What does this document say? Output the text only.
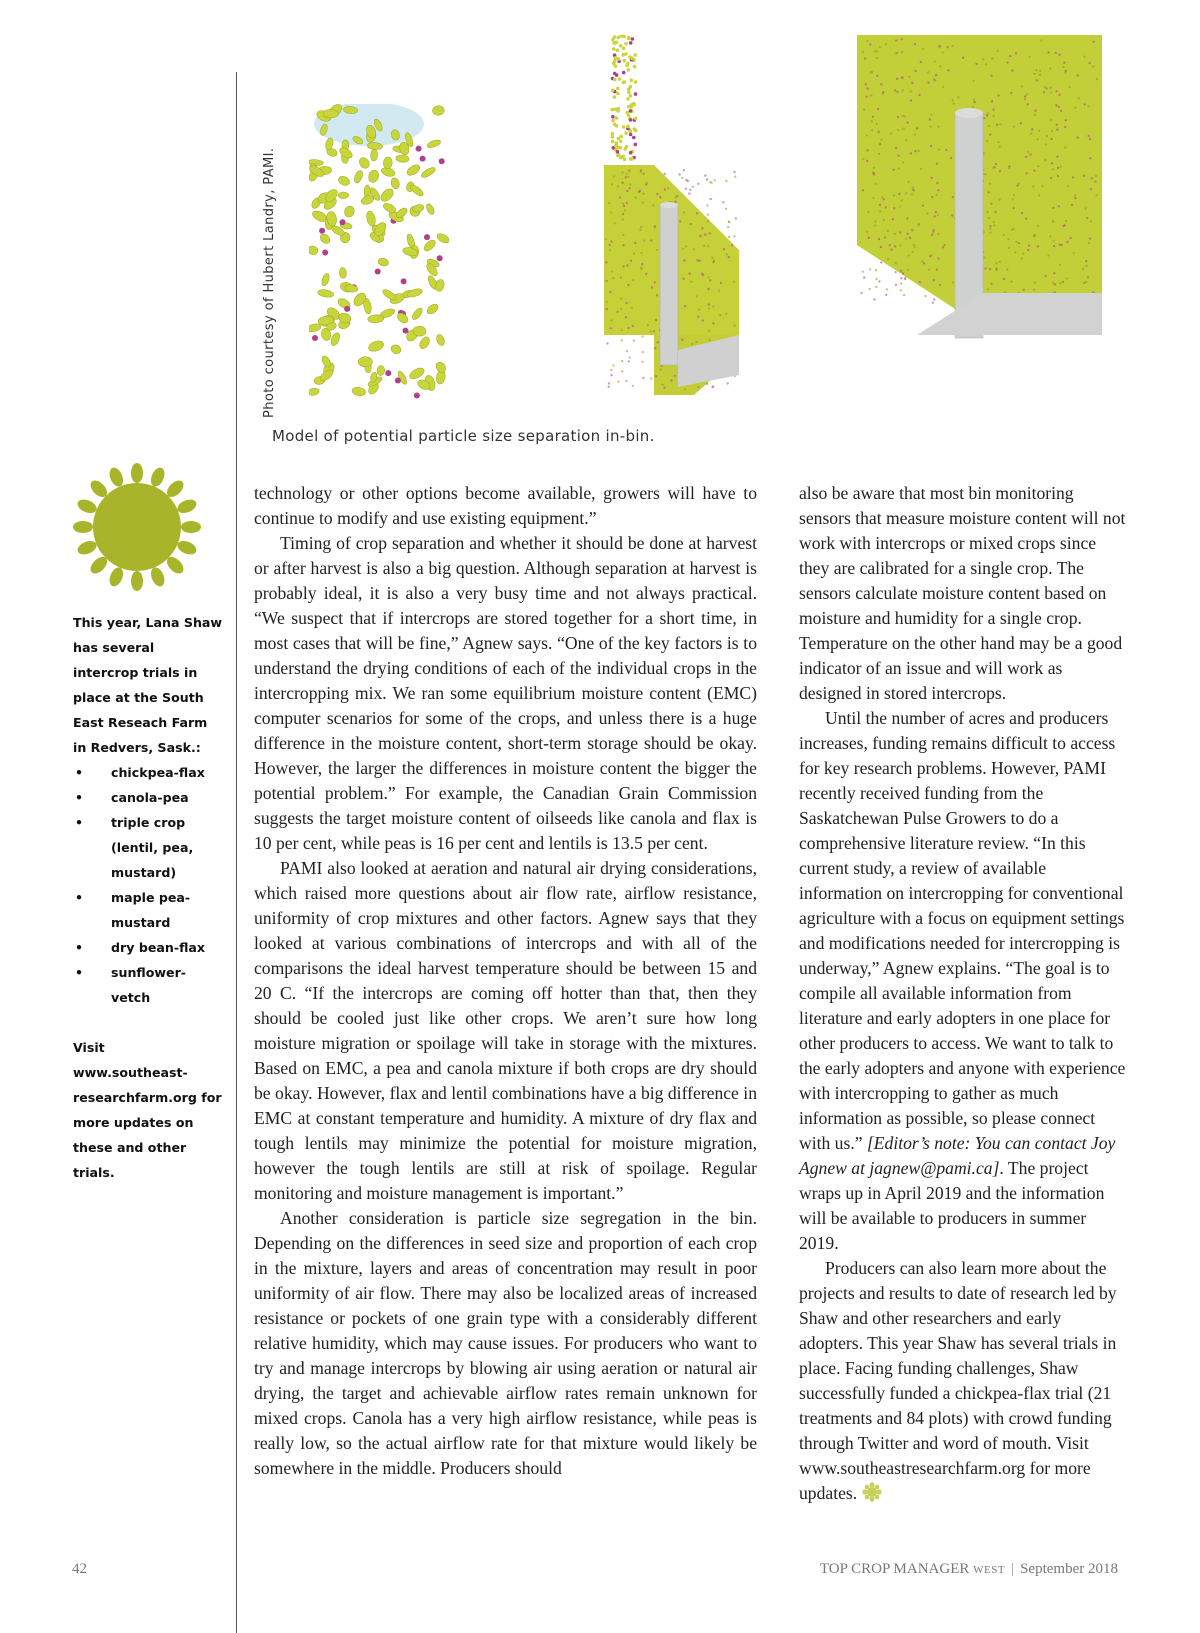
Photo courtesy of Hubert Landry, PAMI.
Model of potential particle size separation in-bin.

This year, Lana Shaw has several intercrop trials in place at the South East Reseach Farm in Redvers, Sask.:

• chickpea-flax
• canola-pea
• triple crop (lentil, pea, mustard)
• maple pea-mustard
• dry bean-flax
• sunflower-vetch

Visit www.southeast-researchfarm.org for more updates on these and other trials.

technology or other options become available, growers will have to continue to modify and use existing equipment.”

Timing of crop separation and whether it should be done at harvest or after harvest is also a big question. Although separation at harvest is probably ideal, it is also a very busy time and not always practical. “We suspect that if intercrops are stored together for a short time, in most cases that will be fine,” Agnew says. “One of the key factors is to understand the drying conditions of each of the individual crops in the intercropping mix. We ran some equilibrium moisture content (EMC) computer scenarios for some of the crops, and unless there is a huge difference in the moisture content, short-term storage should be okay. However, the larger the differences in moisture content the bigger the potential problem.” For example, the Canadian Grain Commission suggests the target moisture content of oilseeds like canola and flax is 10 per cent, while peas is 16 per cent and lentils is 13.5 per cent.

PAMI also looked at aeration and natural air drying considerations, which raised more questions about air flow rate, airflow resistance, uniformity of crop mixtures and other factors. Agnew says that they looked at various combinations of intercrops and with all of the comparisons the ideal harvest temperature should be between 15 and 20 C. “If the intercrops are coming off hotter than that, then they should be cooled just like other crops. We aren’t sure how long moisture migration or spoilage will take in storage with the mixtures. Based on EMC, a pea and canola mixture if both crops are dry should be okay. However, flax and lentil combinations have a big difference in EMC at constant temperature and humidity. A mixture of dry flax and tough lentils may minimize the potential for moisture migration, however the tough lentils are still at risk of spoilage. Regular monitoring and moisture management is important.”

Another consideration is particle size segregation in the bin. Depending on the differences in seed size and proportion of each crop in the mixture, layers and areas of concentration may result in poor uniformity of air flow. There may also be localized areas of increased resistance or pockets of one grain type with a considerably different relative humidity, which may cause issues. For producers who want to try and manage intercrops by blowing air using aeration or natural air drying, the target and achievable airflow rates remain unknown for mixed crops. Canola has a very high airflow resistance, while peas is really low, so the actual airflow rate for that mixture would likely be somewhere in the middle. Producers should

also be aware that most bin monitoring sensors that measure moisture content will not work with intercrops or mixed crops since they are calibrated for a single crop. The sensors calculate moisture content based on moisture and humidity for a single crop. Temperature on the other hand may be a good indicator of an issue and will work as designed in stored intercrops.

Until the number of acres and producers increases, funding remains difficult to access for key research problems. However, PAMI recently received funding from the Saskatchewan Pulse Growers to do a comprehensive literature review. “In this current study, a review of available information on intercropping for conventional agriculture with a focus on equipment settings and modifications needed for intercropping is underway,” Agnew explains. “The goal is to compile all available information from literature and early adopters in one place for other producers to access. We want to talk to the early adopters and anyone with experience with intercropping to gather as much information as possible, so please connect with us.” [Editor’s note: You can contact Joy Agnew at jagnew@pami.ca]. The project wraps up in April 2019 and the information will be available to producers in summer 2019.

Producers can also learn more about the projects and results to date of research led by Shaw and other researchers and early adopters. This year Shaw has several trials in place. Facing funding challenges, Shaw successfully funded a chickpea-flax trial (21 treatments and 84 plots) with crowd funding through Twitter and word of mouth. Visit www.southeastresearchfarm.org for more updates.

42	TOP CROP MANAGER WEST | September 2018
